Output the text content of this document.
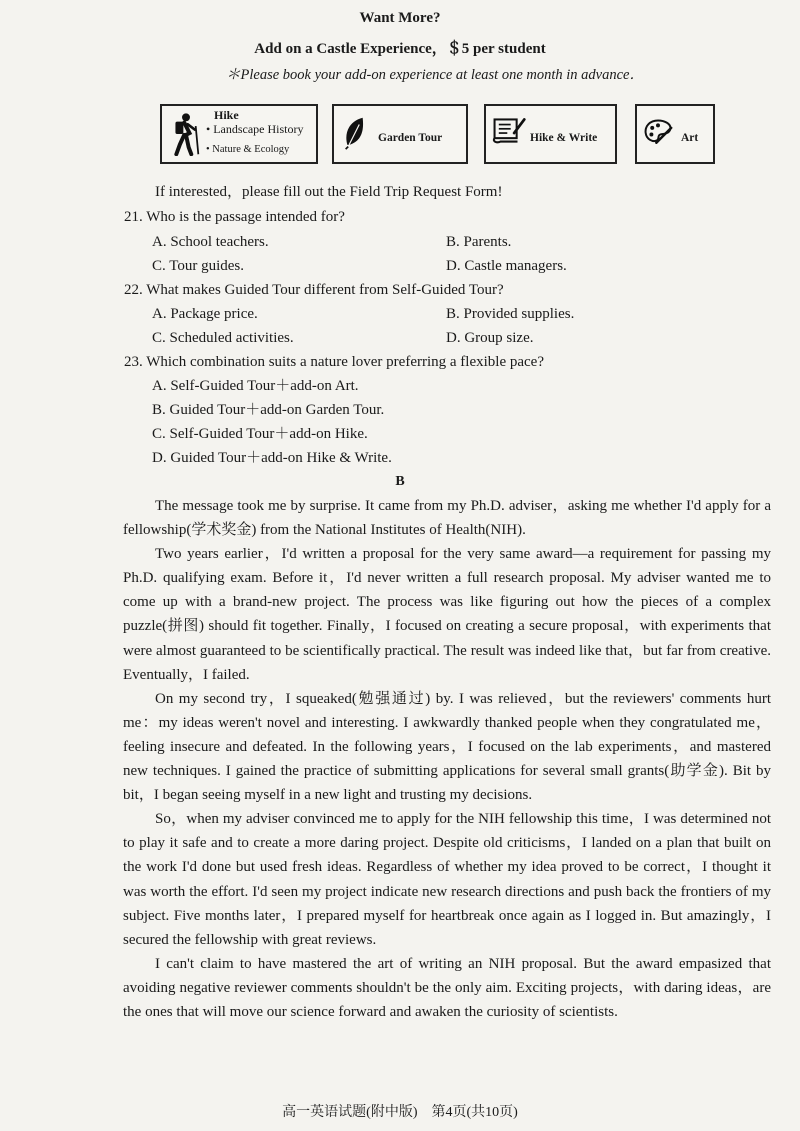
Want More?
Add on a Castle Experience，＄5 per student
＊Please book your add-on experience at least one month in advance．
Hike
• Landscape History
• Nature & Ecology
Garden Tour	Hike & Write	Art
If interested，please fill out the Field Trip Request Form!
21. Who is the passage intended for?
A. School teachers.	B. Parents.
C. Tour guides.	D. Castle managers.
22. What makes Guided Tour different from Self-Guided Tour?
A. Package price.	B. Provided supplies.
C. Scheduled activities.	D. Group size.
23. Which combination suits a nature lover preferring a flexible pace?
A. Self-Guided Tour＋add-on Art.
B. Guided Tour＋add-on Garden Tour.
C. Self-Guided Tour＋add-on Hike.
D. Guided Tour＋add-on Hike & Write.
B

The message took me by surprise. It came from my Ph.D. adviser，asking me whether I'd apply for a fellowship(学术奖金) from the National Institutes of Health(NIH).

Two years earlier，I'd written a proposal for the very same award—a requirement for passing my Ph.D. qualifying exam. Before it，I'd never written a full research proposal. My adviser wanted me to come up with a brand-new project. The process was like figuring out how the pieces of a complex puzzle(拼图) should fit together. Finally，I focused on creating a secure proposal，with experiments that were almost guaranteed to be scientifically practical. The result was indeed like that，but far from creative. Eventually，I failed.

On my second try，I squeaked(勉强通过) by. I was relieved，but the reviewers' comments hurt me：my ideas weren't novel and interesting. I awkwardly thanked people when they congratulated me，feeling insecure and defeated. In the following years，I focused on the lab experiments，and mastered new techniques. I gained the practice of submitting applications for several small grants(助学金). Bit by bit，I began seeing myself in a new light and trusting my decisions.

So，when my adviser convinced me to apply for the NIH fellowship this time，I was determined not to play it safe and to create a more daring project. Despite old criticisms，I landed on a plan that built on the work I'd done but used fresh ideas. Regardless of whether my idea proved to be correct，I thought it was worth the effort. I'd seen my project indicate new research directions and push back the frontiers of my subject. Five months later，I prepared myself for heartbreak once again as I logged in. But amazingly，I secured the fellowship with great reviews.

I can't claim to have mastered the art of writing an NIH proposal. But the award empasized that avoiding negative reviewer comments shouldn't be the only aim. Exciting projects，with daring ideas，are the ones that will move our science forward and awaken the curiosity of scientists.

高一英语试题(附中版)　第4页(共10页)
